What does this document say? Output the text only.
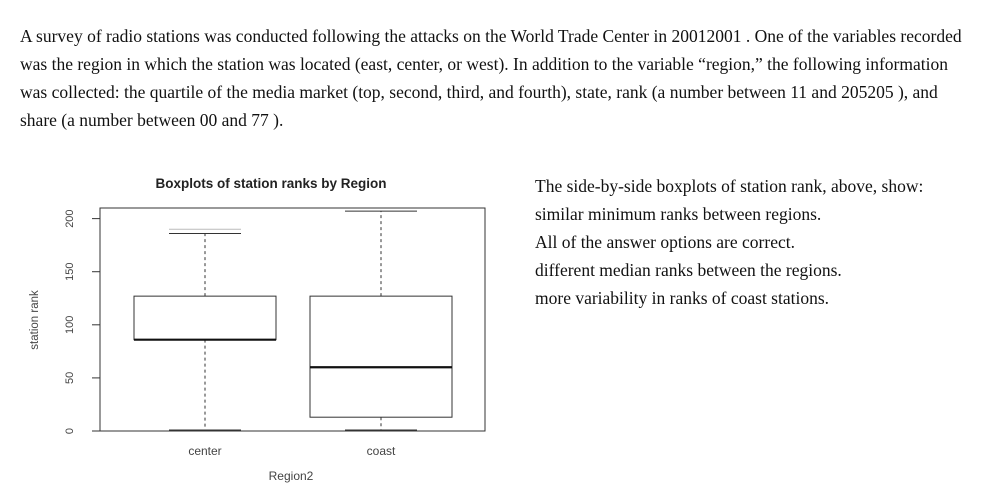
A survey of radio stations was conducted following the attacks on the World Trade Center in 20012001 . One of the variables recorded was the region in which the station was located (east, center, or west). In addition to the variable “region,” the following information was collected: the quartile of the media market (top, second, third, and fourth), state, rank (a number between 11 and 205205 ), and share (a number between 00 and 77 ).

Boxplots of station ranks by Region
0
50
100
150
200
station rank
center	coast
Region2
The side-by-side boxplots of station rank, above, show:
similar minimum ranks between regions.
All of the answer options are correct.
different median ranks between the regions.
more variability in ranks of coast stations.
